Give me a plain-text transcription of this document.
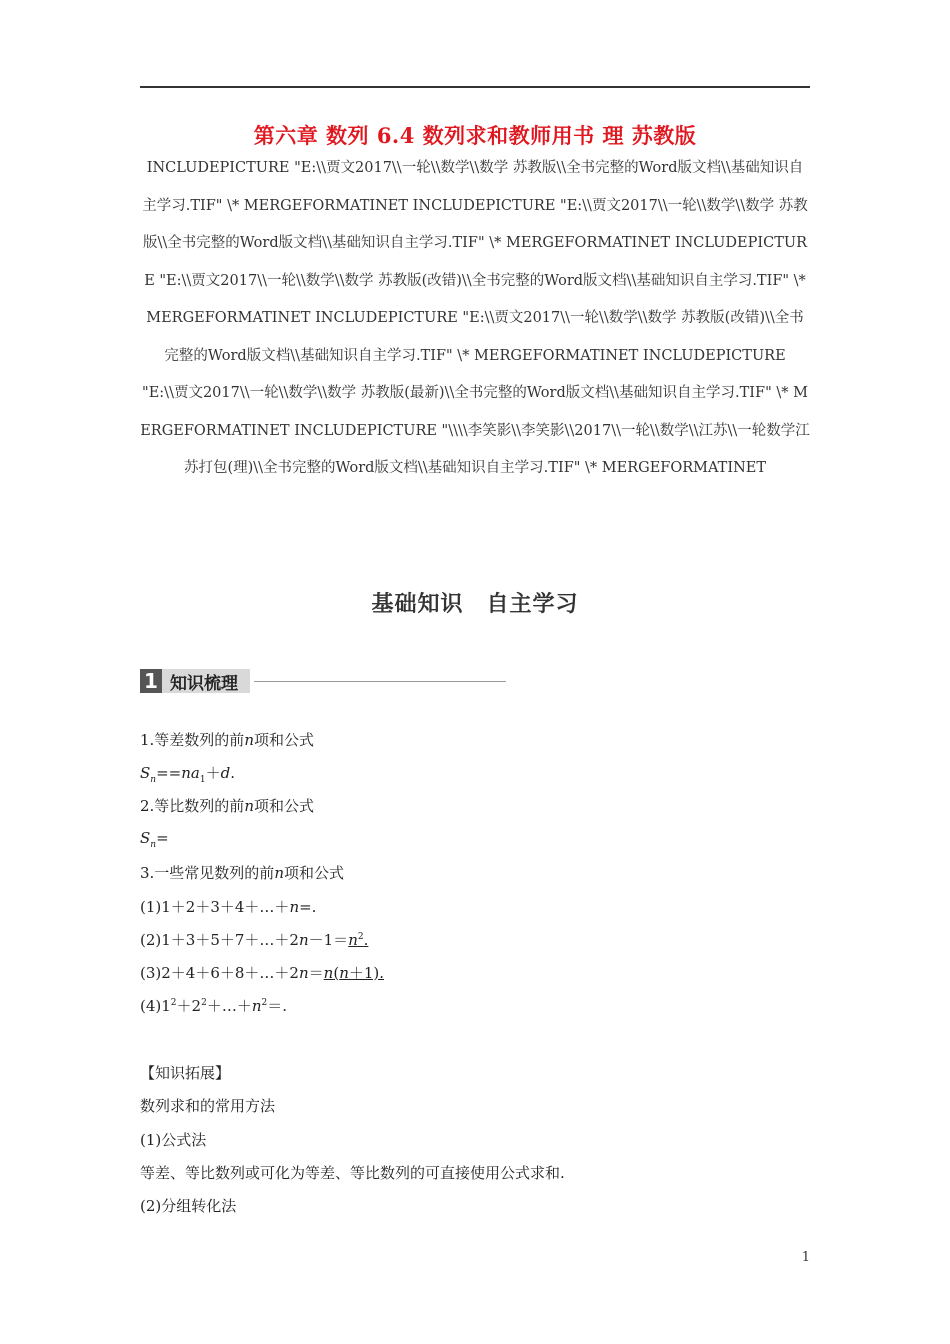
第六章 数列 6.4 数列求和教师用书 理 苏教版
INCLUDEPICTURE "E:\\贾文2017\\一轮\\数学\\数学 苏教版\\全书完整的Word版文档\\基础知识自主学习.TIF" \* MERGEFORMATINET INCLUDEPICTURE "E:\\贾文2017\\一轮\\数学\\数学 苏教版\\全书完整的Word版文档\\基础知识自主学习.TIF" \* MERGEFORMATINET INCLUDEPICTURE "E:\\贾文2017\\一轮\\数学\\数学 苏教版(改错)\\全书完整的Word版文档\\基础知识自主学习.TIF" \* MERGEFORMATINET INCLUDEPICTURE "E:\\贾文2017\\一轮\\数学\\数学 苏教版(改错)\\全书完整的Word版文档\\基础知识自主学习.TIF" \* MERGEFORMATINET INCLUDEPICTURE "E:\\贾文2017\\一轮\\数学\\数学 苏教版(最新)\\全书完整的Word版文档\\基础知识自主学习.TIF" \* MERGEFORMATINET INCLUDEPICTURE "\\\\李笑影\\李笑影\\2017\\一轮\\数学\\江苏\\一轮数学江苏打包(理)\\全书完整的Word版文档\\基础知识自主学习.TIF" \* MERGEFORMATINET
基础知识　自主学习
1 知识梳理
1.等差数列的前n项和公式
$S_n==na_1+d$.
2.等比数列的前n项和公式
$S_n=$
3.一些常见数列的前n项和公式
(1)1＋2＋3＋4＋…＋n=.
$(2)1+3+5+7+\dots+2n-1=n^2$.
(3)2＋4＋6＋8＋…＋2n＝n(n＋1).
$(4)1^2+2^2+\dots+n^2=$.
【知识拓展】
数列求和的常用方法
(1)公式法
等差、等比数列或可化为等差、等比数列的可直接使用公式求和.
(2)分组转化法
1
